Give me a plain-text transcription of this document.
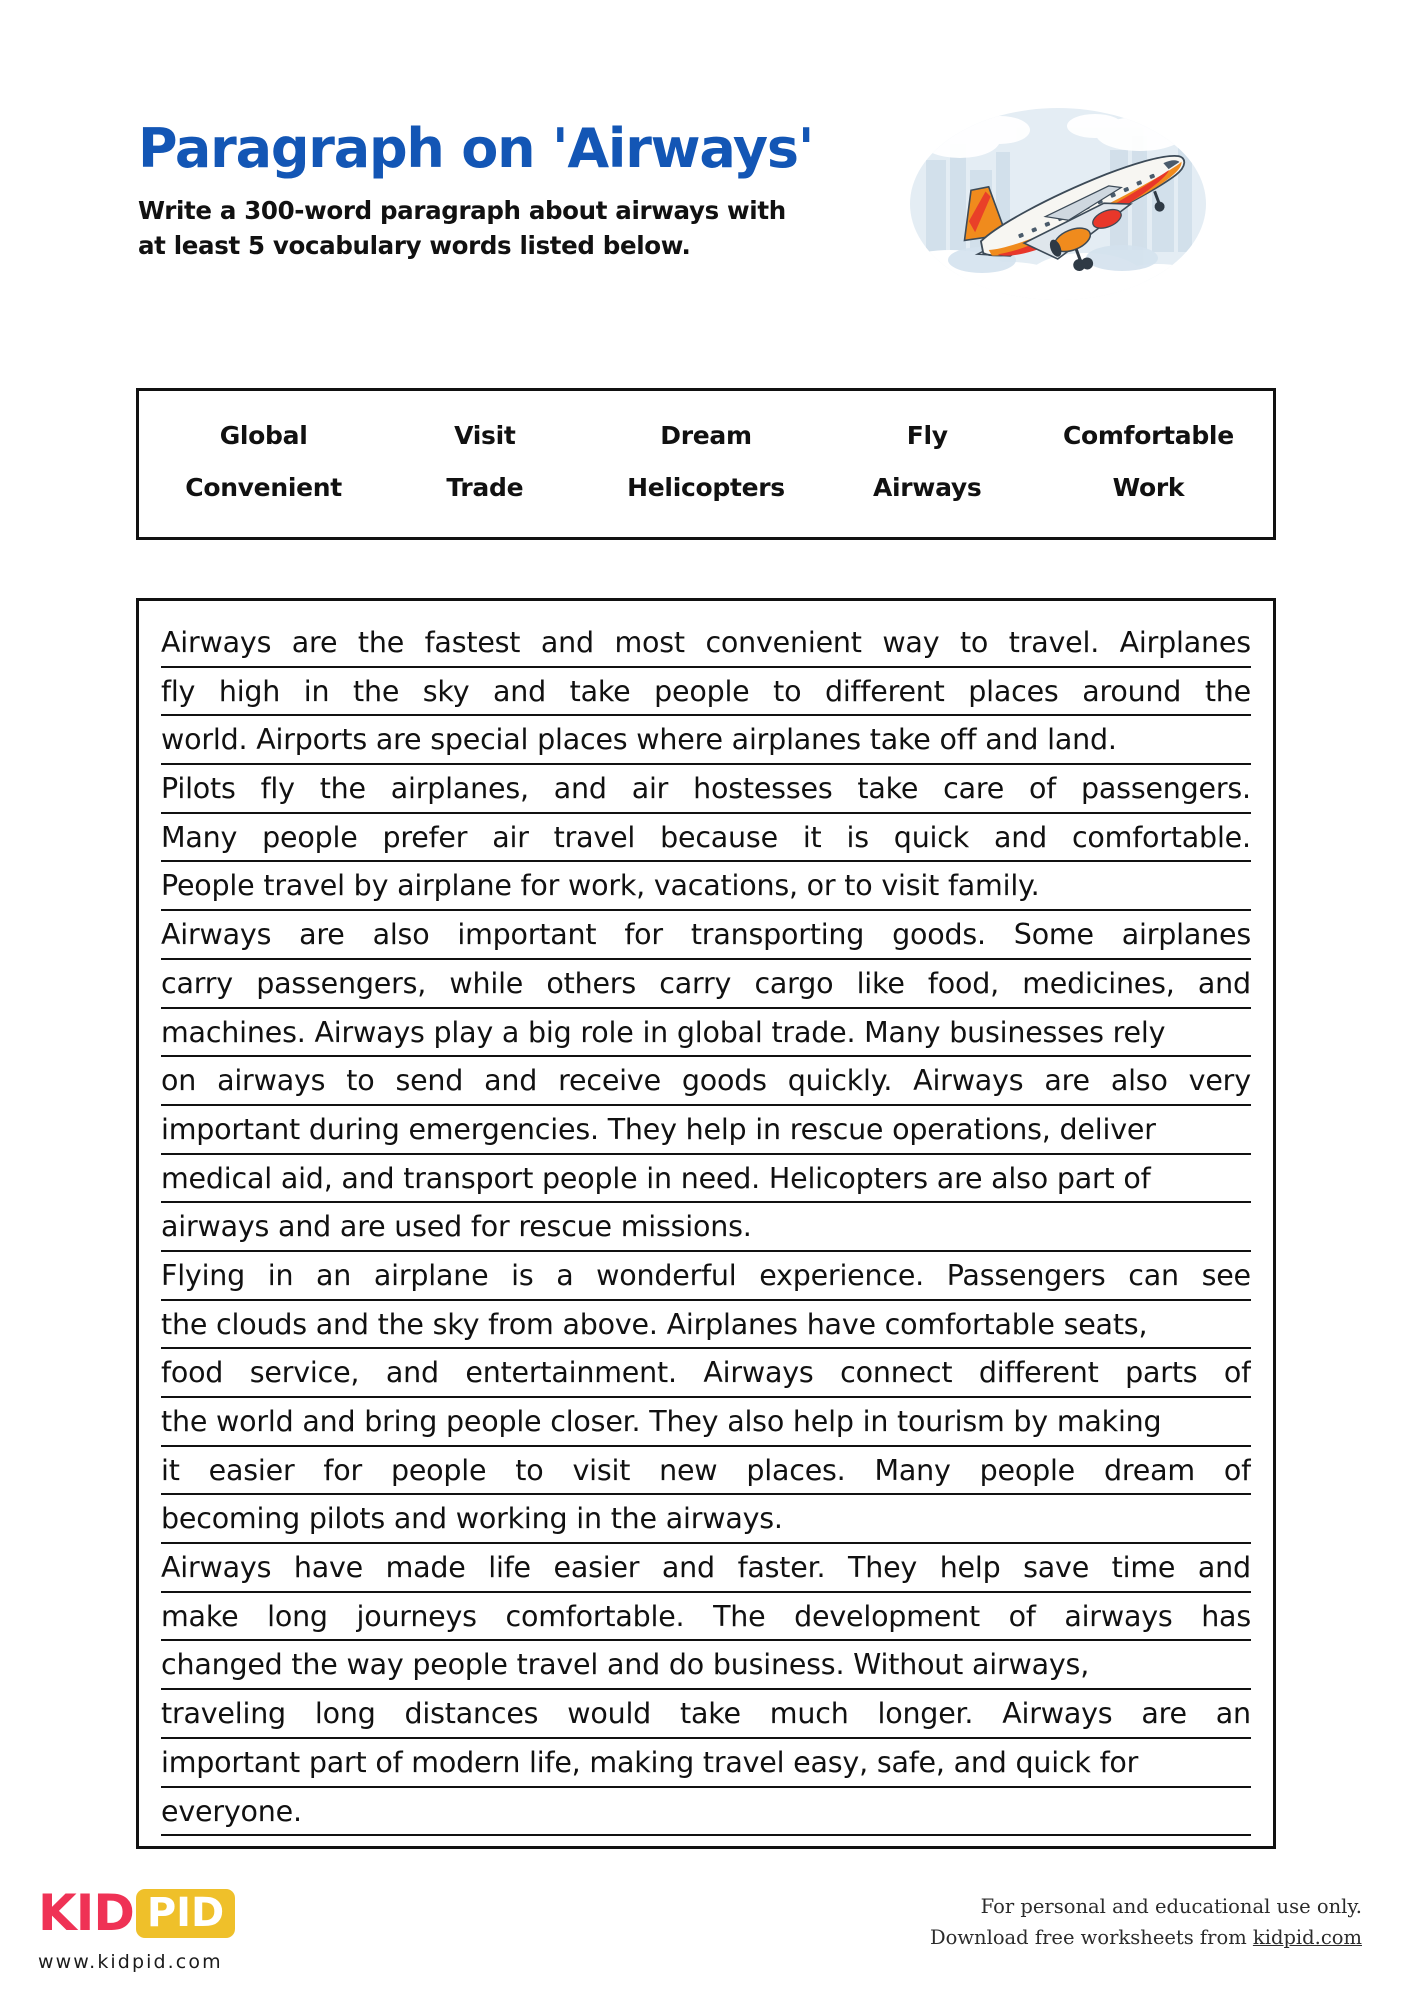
Paragraph on 'Airways'
Write a 300-word paragraph about airways with
at least 5 vocabulary words listed below.
Global	Visit	Dream	Fly	Comfortable
Convenient	Trade	Helicopters	Airways	Work
Airways are the fastest and most convenient way to travel. Airplanes
fly high in the sky and take people to different places around the
world. Airports are special places where airplanes take off and land.
Pilots fly the airplanes, and air hostesses take care of passengers.
Many people prefer air travel because it is quick and comfortable.
People travel by airplane for work, vacations, or to visit family.
Airways are also important for transporting goods. Some airplanes
carry passengers, while others carry cargo like food, medicines, and
machines. Airways play a big role in global trade. Many businesses rely
on airways to send and receive goods quickly. Airways are also very
important during emergencies. They help in rescue operations, deliver
medical aid, and transport people in need. Helicopters are also part of
airways and are used for rescue missions.
Flying in an airplane is a wonderful experience. Passengers can see
the clouds and the sky from above. Airplanes have comfortable seats,
food service, and entertainment. Airways connect different parts of
the world and bring people closer. They also help in tourism by making
it easier for people to visit new places. Many people dream of
becoming pilots and working in the airways.
Airways have made life easier and faster. They help save time and
make long journeys comfortable. The development of airways has
changed the way people travel and do business. Without airways,
traveling long distances would take much longer. Airways are an
important part of modern life, making travel easy, safe, and quick for
everyone.
KID PID
www.kidpid.com
For personal and educational use only.
Download free worksheets from kidpid.com
